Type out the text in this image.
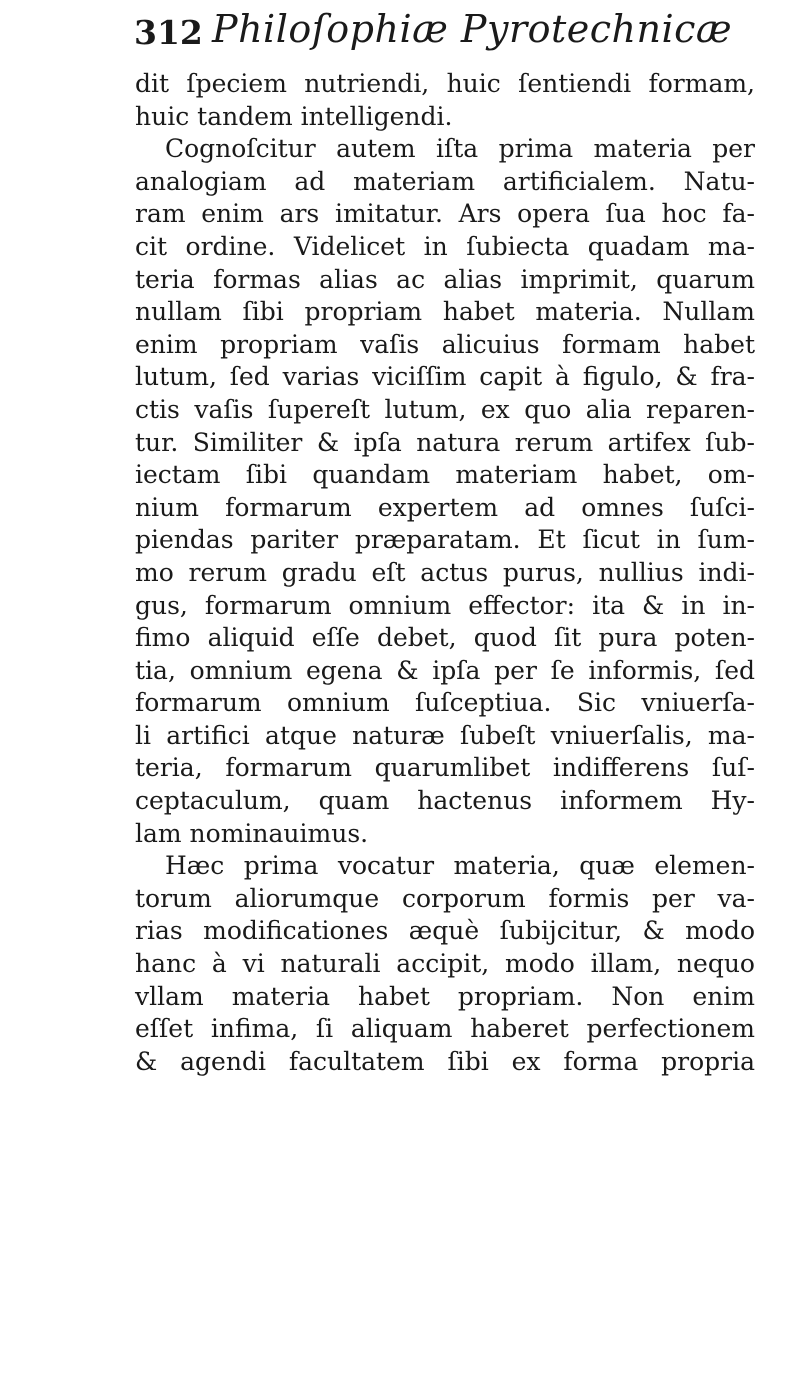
312 Philoſophiæ Pyrotechnicæ
dit ſpeciem nutriendi, huic ſentiendi formam,
huic tandem intelligendi.
Cognoſcitur autem iſta prima materia per
analogiam ad materiam artificialem. Natu-
ram enim ars imitatur. Ars opera ſua hoc fa-
cit ordine. Videlicet in ſubiecta quadam ma-
teria formas alias ac alias imprimit, quarum
nullam ſibi propriam habet materia. Nullam
enim propriam vaſis alicuius formam habet
lutum, ſed varias viciſſim capit à figulo, & fra-
ctis vaſis ſupereſt lutum, ex quo alia reparen-
tur. Similiter & ipſa natura rerum artifex ſub-
iectam ſibi quandam materiam habet, om-
nium formarum expertem ad omnes ſuſci-
piendas pariter præparatam. Et ſicut in ſum-
mo rerum gradu eſt actus purus, nullius indi-
gus, formarum omnium effector: ita & in in-
fimo aliquid eſſe debet, quod ſit pura poten-
tia, omnium egena & ipſa per ſe informis, ſed
formarum omnium ſuſceptiua. Sic vniuerſa-
li artifici atque naturæ ſubeſt vniuerſalis, ma-
teria, formarum quarumlibet indifferens ſuſ-
ceptaculum, quam hactenus informem Hy-
lam nominauimus.
Hæc prima vocatur materia, quæ elemen-
torum aliorumque corporum formis per va-
rias modificationes æquè ſubijcitur, & modo
hanc à vi naturali accipit, modo illam, nequo
vllam materia habet propriam. Non enim
eſſet infima, ſi aliquam haberet perfectionem
& agendi facultatem ſibi ex forma propria
